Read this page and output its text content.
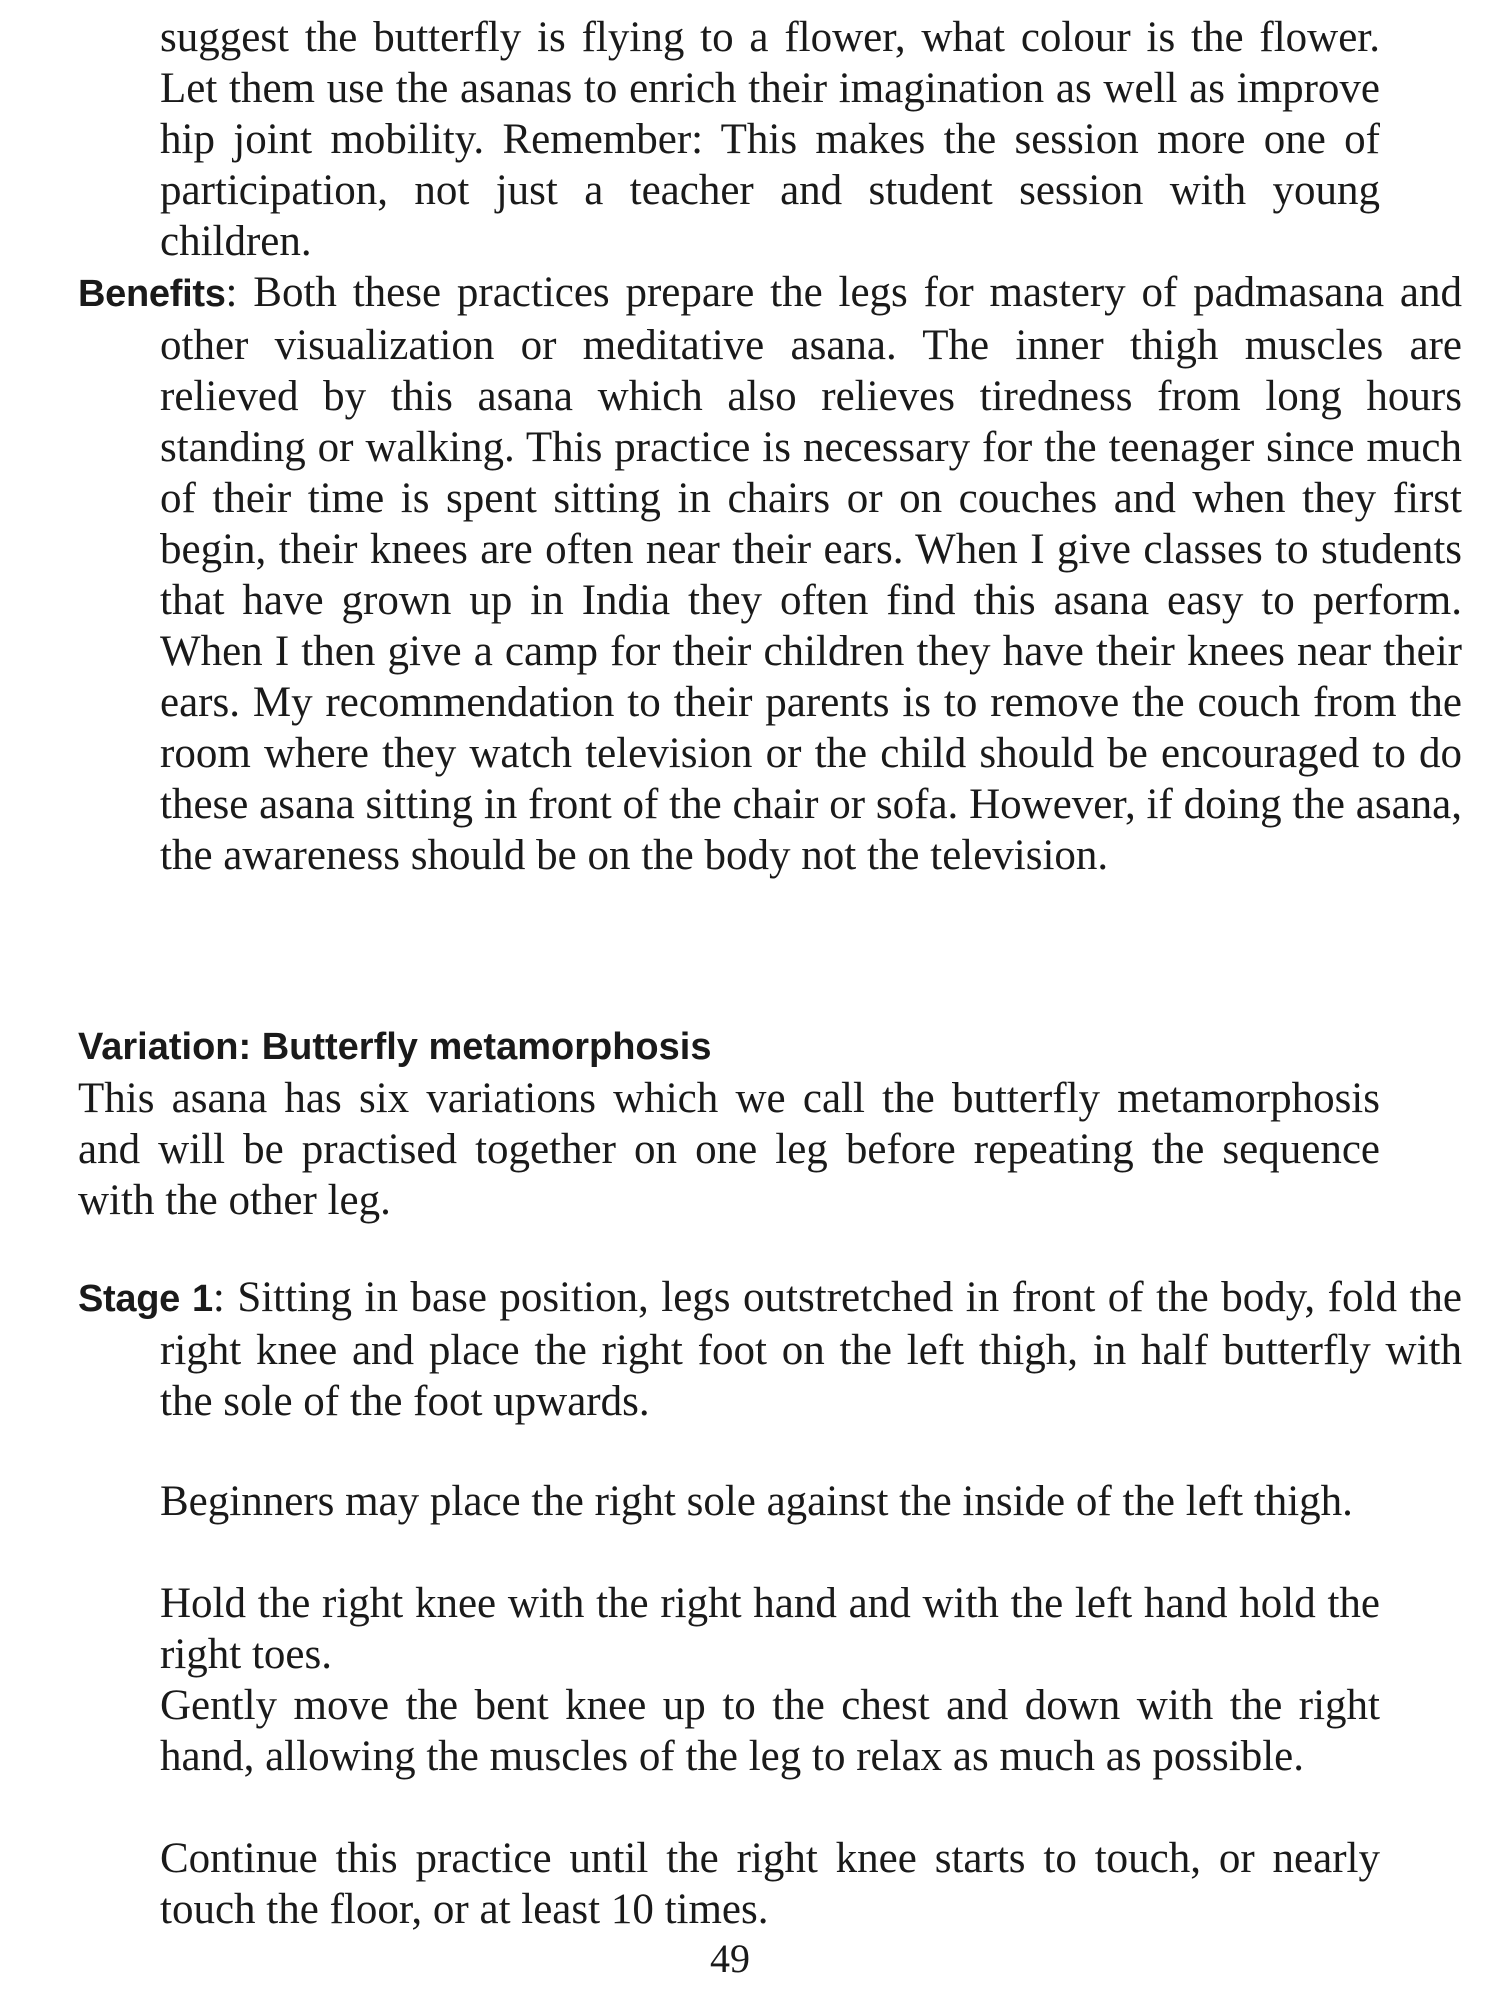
suggest the butterfly is flying to a flower, what colour is the flower. Let them use the asanas to enrich their imagination as well as improve hip joint mobility. Remember: This makes the session more one of participation, not just a teacher and student session with young children.

Benefits: Both these practices prepare the legs for mastery of padmasana and other visualization or meditative asana. The inner thigh muscles are relieved by this asana which also relieves tiredness from long hours standing or walking. This practice is necessary for the teenager since much of their time is spent sitting in chairs or on couches and when they first begin, their knees are often near their ears. When I give classes to students that have grown up in India they often find this asana easy to perform. When I then give a camp for their children they have their knees near their ears. My recommendation to their parents is to remove the couch from the room where they watch television or the child should be encouraged to do these asana sitting in front of the chair or sofa. However, if doing the asana, the awareness should be on the body not the television.

Variation: Butterfly metamorphosis

This asana has six variations which we call the butterfly metamorphosis and will be practised together on one leg before repeating the sequence with the other leg.

Stage 1: Sitting in base position, legs outstretched in front of the body, fold the right knee and place the right foot on the left thigh, in half butterfly with the sole of the foot upwards.

Beginners may place the right sole against the inside of the left thigh.

Hold the right knee with the right hand and with the left hand hold the right toes.

Gently move the bent knee up to the chest and down with the right hand, allowing the muscles of the leg to relax as much as possible.

Continue this practice until the right knee starts to touch, or nearly touch the floor, or at least 10 times.

49
